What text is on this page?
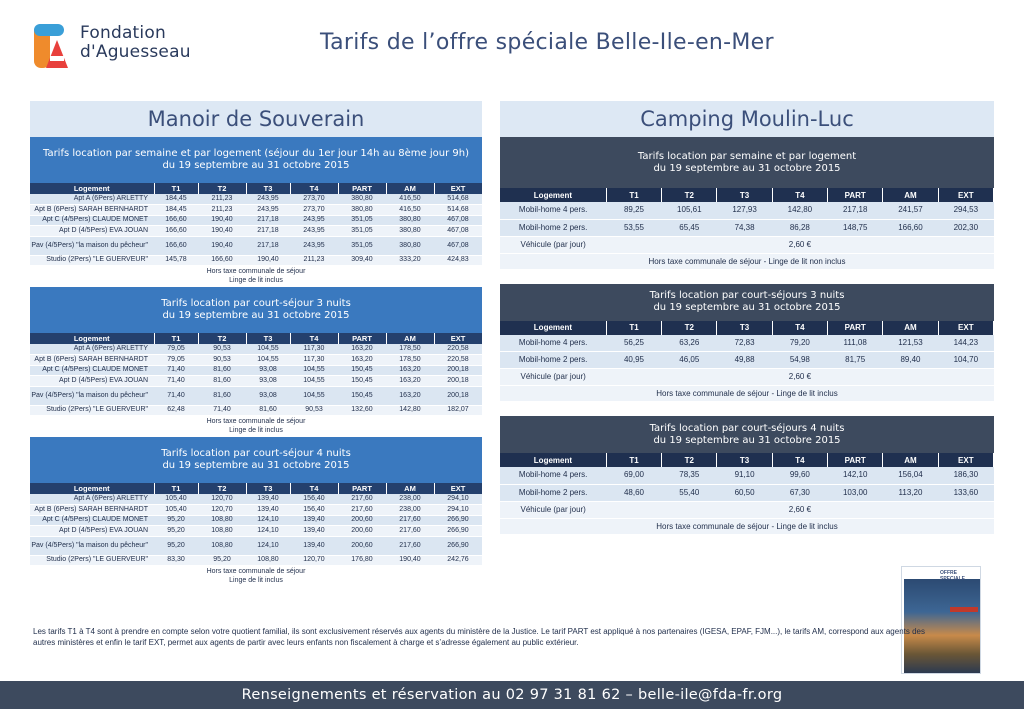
Fondation
d'Aguesseau	Tarifs de l’offre spéciale Belle-Ile-en-Mer
Manoir de Souverain
Tarifs location par semaine et par logement (séjour du 1er jour 14h au 8ème jour 9h)
du 19 septembre au 31 octobre 2015
Logement	T1	T2	T3	T4	PART	AM	EXT
Apt A (6Pers) ARLETTY	184,45	211,23	243,95	273,70	380,80	416,50	514,68
Apt B (6Pers) SARAH BERNHARDT	184,45	211,23	243,95	273,70	380,80	416,50	514,68
Apt C (4/5Pers) CLAUDE MONET	166,60	190,40	217,18	243,95	351,05	380,80	467,08
Apt D (4/5Pers) EVA JOUAN	166,60	190,40	217,18	243,95	351,05	380,80	467,08
Pav (4/5Pers) "la maison du pêcheur"	166,60	190,40	217,18	243,95	351,05	380,80	467,08
Studio (2Pers) "LE GUERVEUR"	145,78	166,60	190,40	211,23	309,40	333,20	424,83
Hors taxe communale de séjour
Linge de lit inclus
Tarifs location par court-séjour 3 nuits
du 19 septembre au 31 octobre 2015
Logement	T1	T2	T3	T4	PART	AM	EXT
Apt A (6Pers) ARLETTY	79,05	90,53	104,55	117,30	163,20	178,50	220,58
Apt B (6Pers) SARAH BERNHARDT	79,05	90,53	104,55	117,30	163,20	178,50	220,58
Apt C (4/5Pers) CLAUDE MONET	71,40	81,60	93,08	104,55	150,45	163,20	200,18
Apt D (4/5Pers) EVA JOUAN	71,40	81,60	93,08	104,55	150,45	163,20	200,18
Pav (4/5Pers) "la maison du pêcheur"	71,40	81,60	93,08	104,55	150,45	163,20	200,18
Studio (2Pers) "LE GUERVEUR"	62,48	71,40	81,60	90,53	132,60	142,80	182,07
Hors taxe communale de séjour
Linge de lit inclus
Tarifs location par court-séjour 4 nuits
du 19 septembre au 31 octobre 2015
Logement	T1	T2	T3	T4	PART	AM	EXT
Apt A (6Pers) ARLETTY	105,40	120,70	139,40	156,40	217,60	238,00	294,10
Apt B (6Pers) SARAH BERNHARDT	105,40	120,70	139,40	156,40	217,60	238,00	294,10
Apt C (4/5Pers) CLAUDE MONET	95,20	108,80	124,10	139,40	200,60	217,60	266,90
Apt D (4/5Pers) EVA JOUAN	95,20	108,80	124,10	139,40	200,60	217,60	266,90
Pav (4/5Pers) "la maison du pêcheur"	95,20	108,80	124,10	139,40	200,60	217,60	266,90
Studio (2Pers) "LE GUERVEUR"	83,30	95,20	108,80	120,70	176,80	190,40	242,76
Hors taxe communale de séjour
Linge de lit inclus
Camping Moulin-Luc
Tarifs location par semaine et par logement
du 19 septembre au 31 octobre 2015
Logement	T1	T2	T3	T4	PART	AM	EXT
Mobil-home 4 pers.	89,25	105,61	127,93	142,80	217,18	241,57	294,53
Mobil-home 2 pers.	53,55	65,45	74,38	86,28	148,75	166,60	202,30
Véhicule (par jour)	2,60 €						
Hors taxe communale de séjour - Linge de lit non inclus
Tarifs location par court-séjours 3 nuits
du 19 septembre au 31 octobre 2015
Logement	T1	T2	T3	T4	PART	AM	EXT
Mobil-home 4 pers.	56,25	63,26	72,83	79,20	111,08	121,53	144,23
Mobil-home 2 pers.	40,95	46,05	49,88	54,98	81,75	89,40	104,70
Véhicule (par jour)	2,60 €						
Hors taxe communale de séjour - Linge de lit inclus
Tarifs location par court-séjours 4 nuits
du 19 septembre au 31 octobre 2015
Logement	T1	T2	T3	T4	PART	AM	EXT
Mobil-home 4 pers.	69,00	78,35	91,10	99,60	142,10	156,04	186,30
Mobil-home 2 pers.	48,60	55,40	60,50	67,30	103,00	113,20	133,60
Véhicule (par jour)	2,60 €						
Hors taxe communale de séjour - Linge de lit inclus
OFFRE SPECIALE
Les tarifs T1 à T4 sont à prendre en compte selon votre quotient familial, ils sont exclusivement réservés aux agents du ministère de la Justice. Le tarif PART est appliqué à nos partenaires (IGESA, EPAF, FJM...), le tarifs AM, correspond aux agents des autres ministères et enfin le tarif EXT, permet aux agents de partir avec leurs enfants non fiscalement à charge et s’adresse également au public extérieur.
Renseignements et réservation au 02 97 31 81 62 – belle-ile@fda-fr.org
